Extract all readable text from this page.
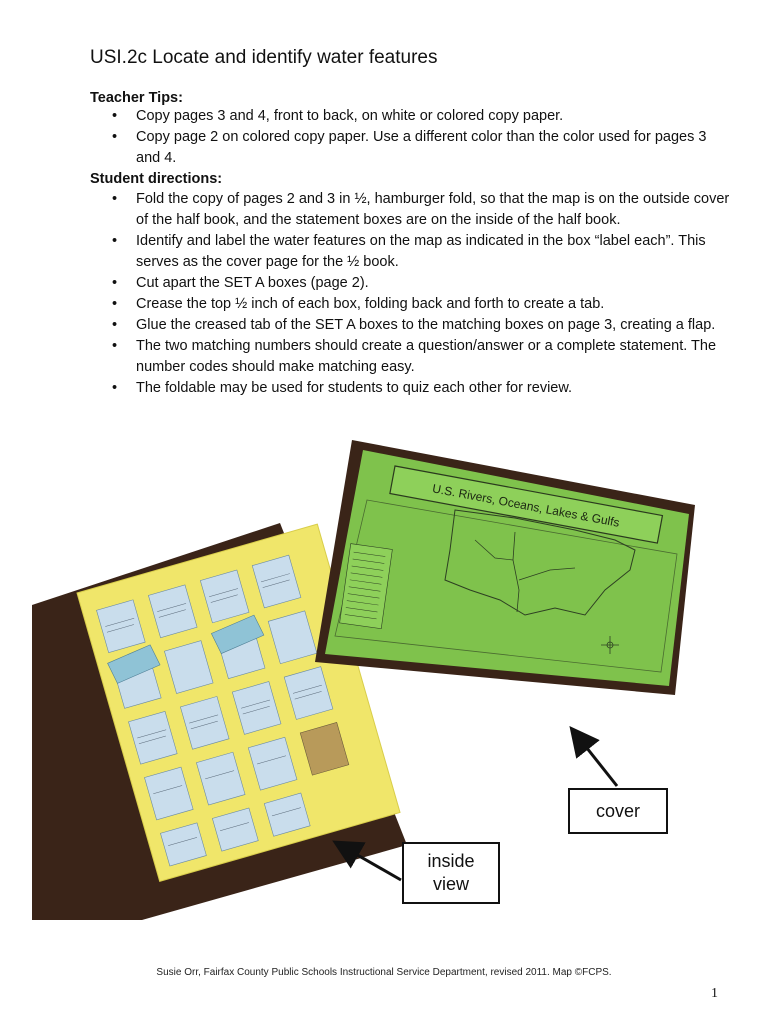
USI.2c Locate and identify water features
Teacher Tips:
• Copy pages 3 and 4, front to back, on white or colored copy paper.
• Copy page 2 on colored copy paper. Use a different color than the color used for pages 3 and 4.
Student directions:
• Fold the copy of pages 2 and 3 in ½, hamburger fold, so that the map is on the outside cover of the half book, and the statement boxes are on the inside of the half book.
• Identify and label the water features on the map as indicated in the box “label each”. This serves as the cover page for the ½ book.
• Cut apart the SET A boxes (page 2).
• Crease the top ½ inch of each box, folding back and forth to create a tab.
• Glue the creased tab of the SET A boxes to the matching boxes on page 3, creating a flap.
• The two matching numbers should create a question/answer or a complete statement. The number codes should make matching easy.
• The foldable may be used for students to quiz each other for review.
U.S. Rivers, Oceans, Lakes & Gulfs
cover
inside
view
Susie Orr, Fairfax County Public Schools Instructional Service Department, revised 2011. Map ©FCPS.
1
